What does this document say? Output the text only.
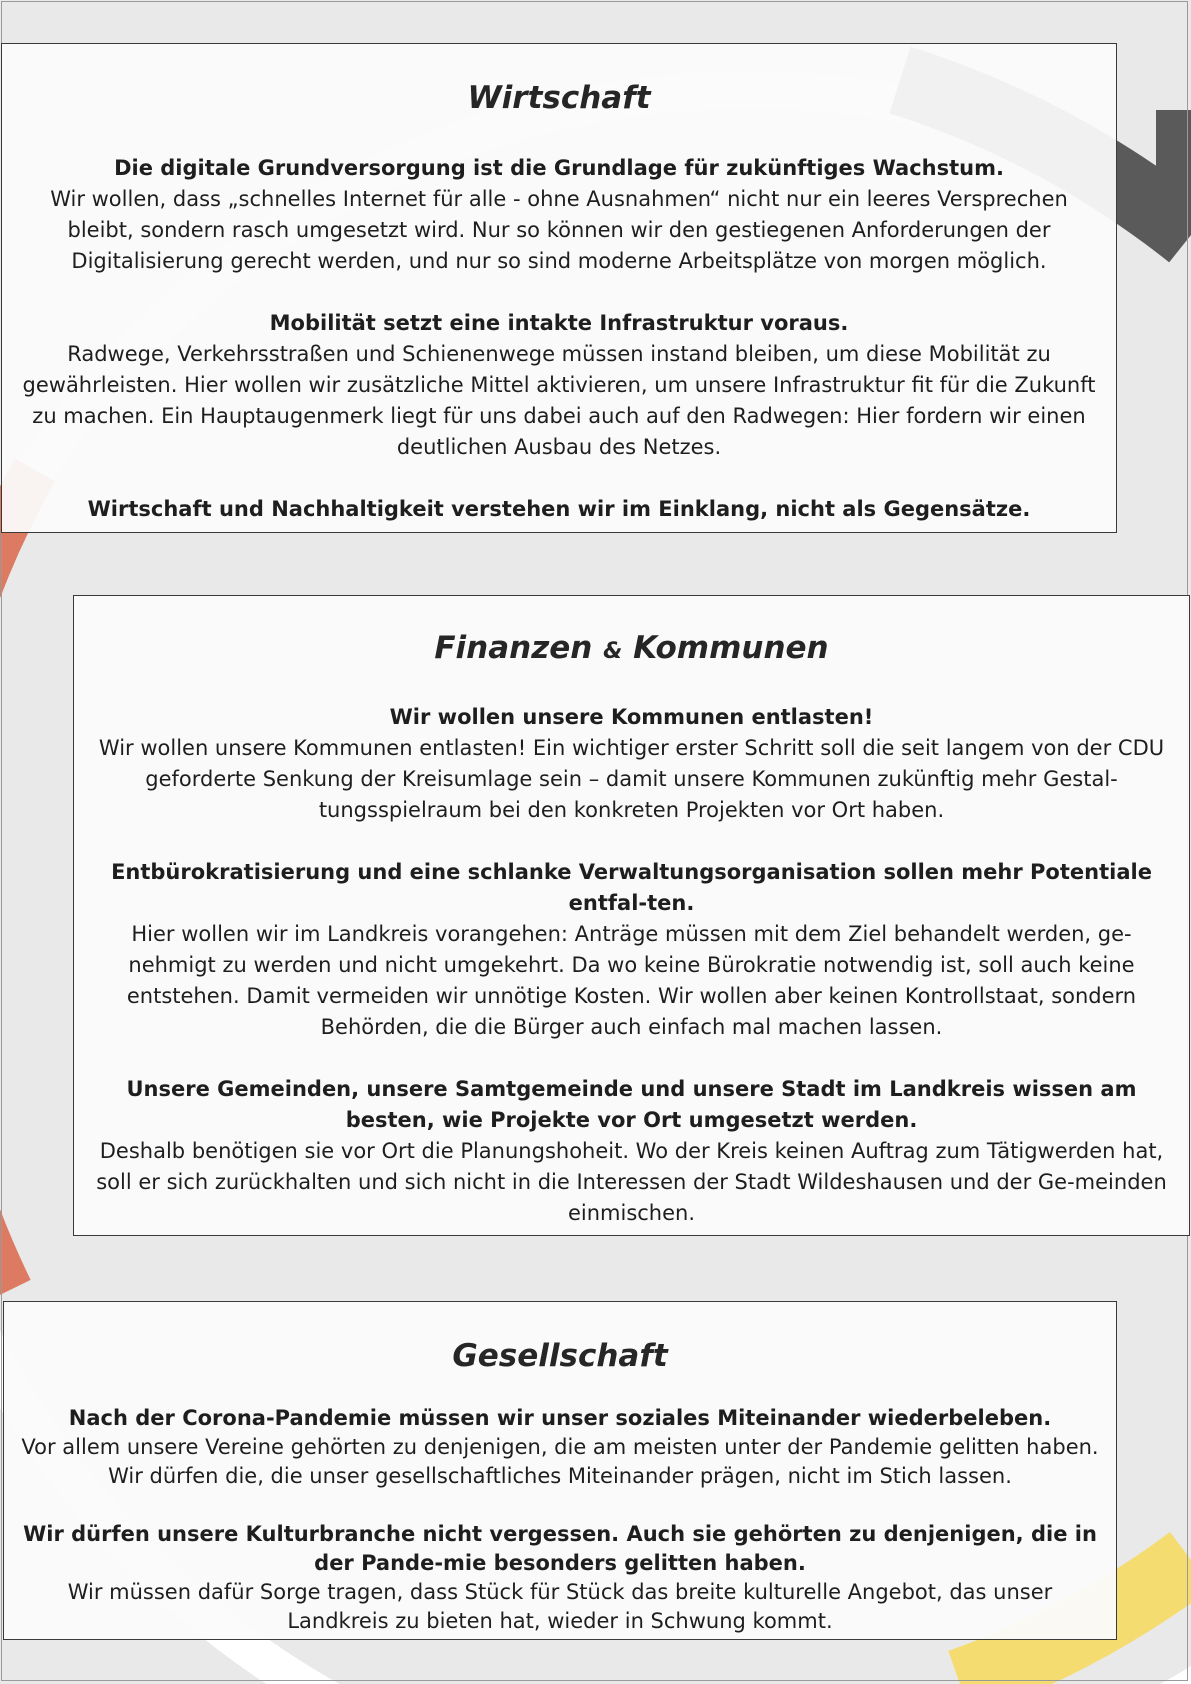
Wirtschaft

Die digitale Grundversorgung ist die Grundlage für zukünftiges Wachstum.
Wir wollen, dass „schnelles Internet für alle - ohne Ausnahmen“ nicht nur ein leeres Versprechen bleibt, sondern rasch umgesetzt wird. Nur so können wir den gestiegenen Anforderungen der Digitalisierung gerecht werden, und nur so sind moderne Arbeitsplätze von morgen möglich.

Mobilität setzt eine intakte Infrastruktur voraus.
Radwege, Verkehrsstraßen und Schienenwege müssen instand bleiben, um diese Mobilität zu gewährleisten. Hier wollen wir zusätzliche Mittel aktivieren, um unsere Infrastruktur fit für die Zukunft zu machen. Ein Hauptaugenmerk liegt für uns dabei auch auf den Radwegen: Hier fordern wir einen deutlichen Ausbau des Netzes.

Wirtschaft und Nachhaltigkeit verstehen wir im Einklang, nicht als Gegensätze.

Finanzen & Kommunen

Wir wollen unsere Kommunen entlasten!
Wir wollen unsere Kommunen entlasten! Ein wichtiger erster Schritt soll die seit langem von der CDU geforderte Senkung der Kreisumlage sein – damit unsere Kommunen zukünftig mehr Gestal-tungsspielraum bei den konkreten Projekten vor Ort haben.

Entbürokratisierung und eine schlanke Verwaltungsorganisation sollen mehr Potentiale entfal-ten.
Hier wollen wir im Landkreis vorangehen: Anträge müssen mit dem Ziel behandelt werden, ge-nehmigt zu werden und nicht umgekehrt. Da wo keine Bürokratie notwendig ist, soll auch keine entstehen. Damit vermeiden wir unnötige Kosten. Wir wollen aber keinen Kontrollstaat, sondern Behörden, die die Bürger auch einfach mal machen lassen.

Unsere Gemeinden, unsere Samtgemeinde und unsere Stadt im Landkreis wissen am besten, wie Projekte vor Ort umgesetzt werden.
Deshalb benötigen sie vor Ort die Planungshoheit. Wo der Kreis keinen Auftrag zum Tätigwerden hat, soll er sich zurückhalten und sich nicht in die Interessen der Stadt Wildeshausen und der Ge-meinden einmischen.

Gesellschaft

Nach der Corona-Pandemie müssen wir unser soziales Miteinander wiederbeleben.
Vor allem unsere Vereine gehörten zu denjenigen, die am meisten unter der Pandemie gelitten haben. Wir dürfen die, die unser gesellschaftliches Miteinander prägen, nicht im Stich lassen.

Wir dürfen unsere Kulturbranche nicht vergessen. Auch sie gehörten zu denjenigen, die in der Pande-mie besonders gelitten haben.
Wir müssen dafür Sorge tragen, dass Stück für Stück das breite kulturelle Angebot, das unser Landkreis zu bieten hat, wieder in Schwung kommt.
